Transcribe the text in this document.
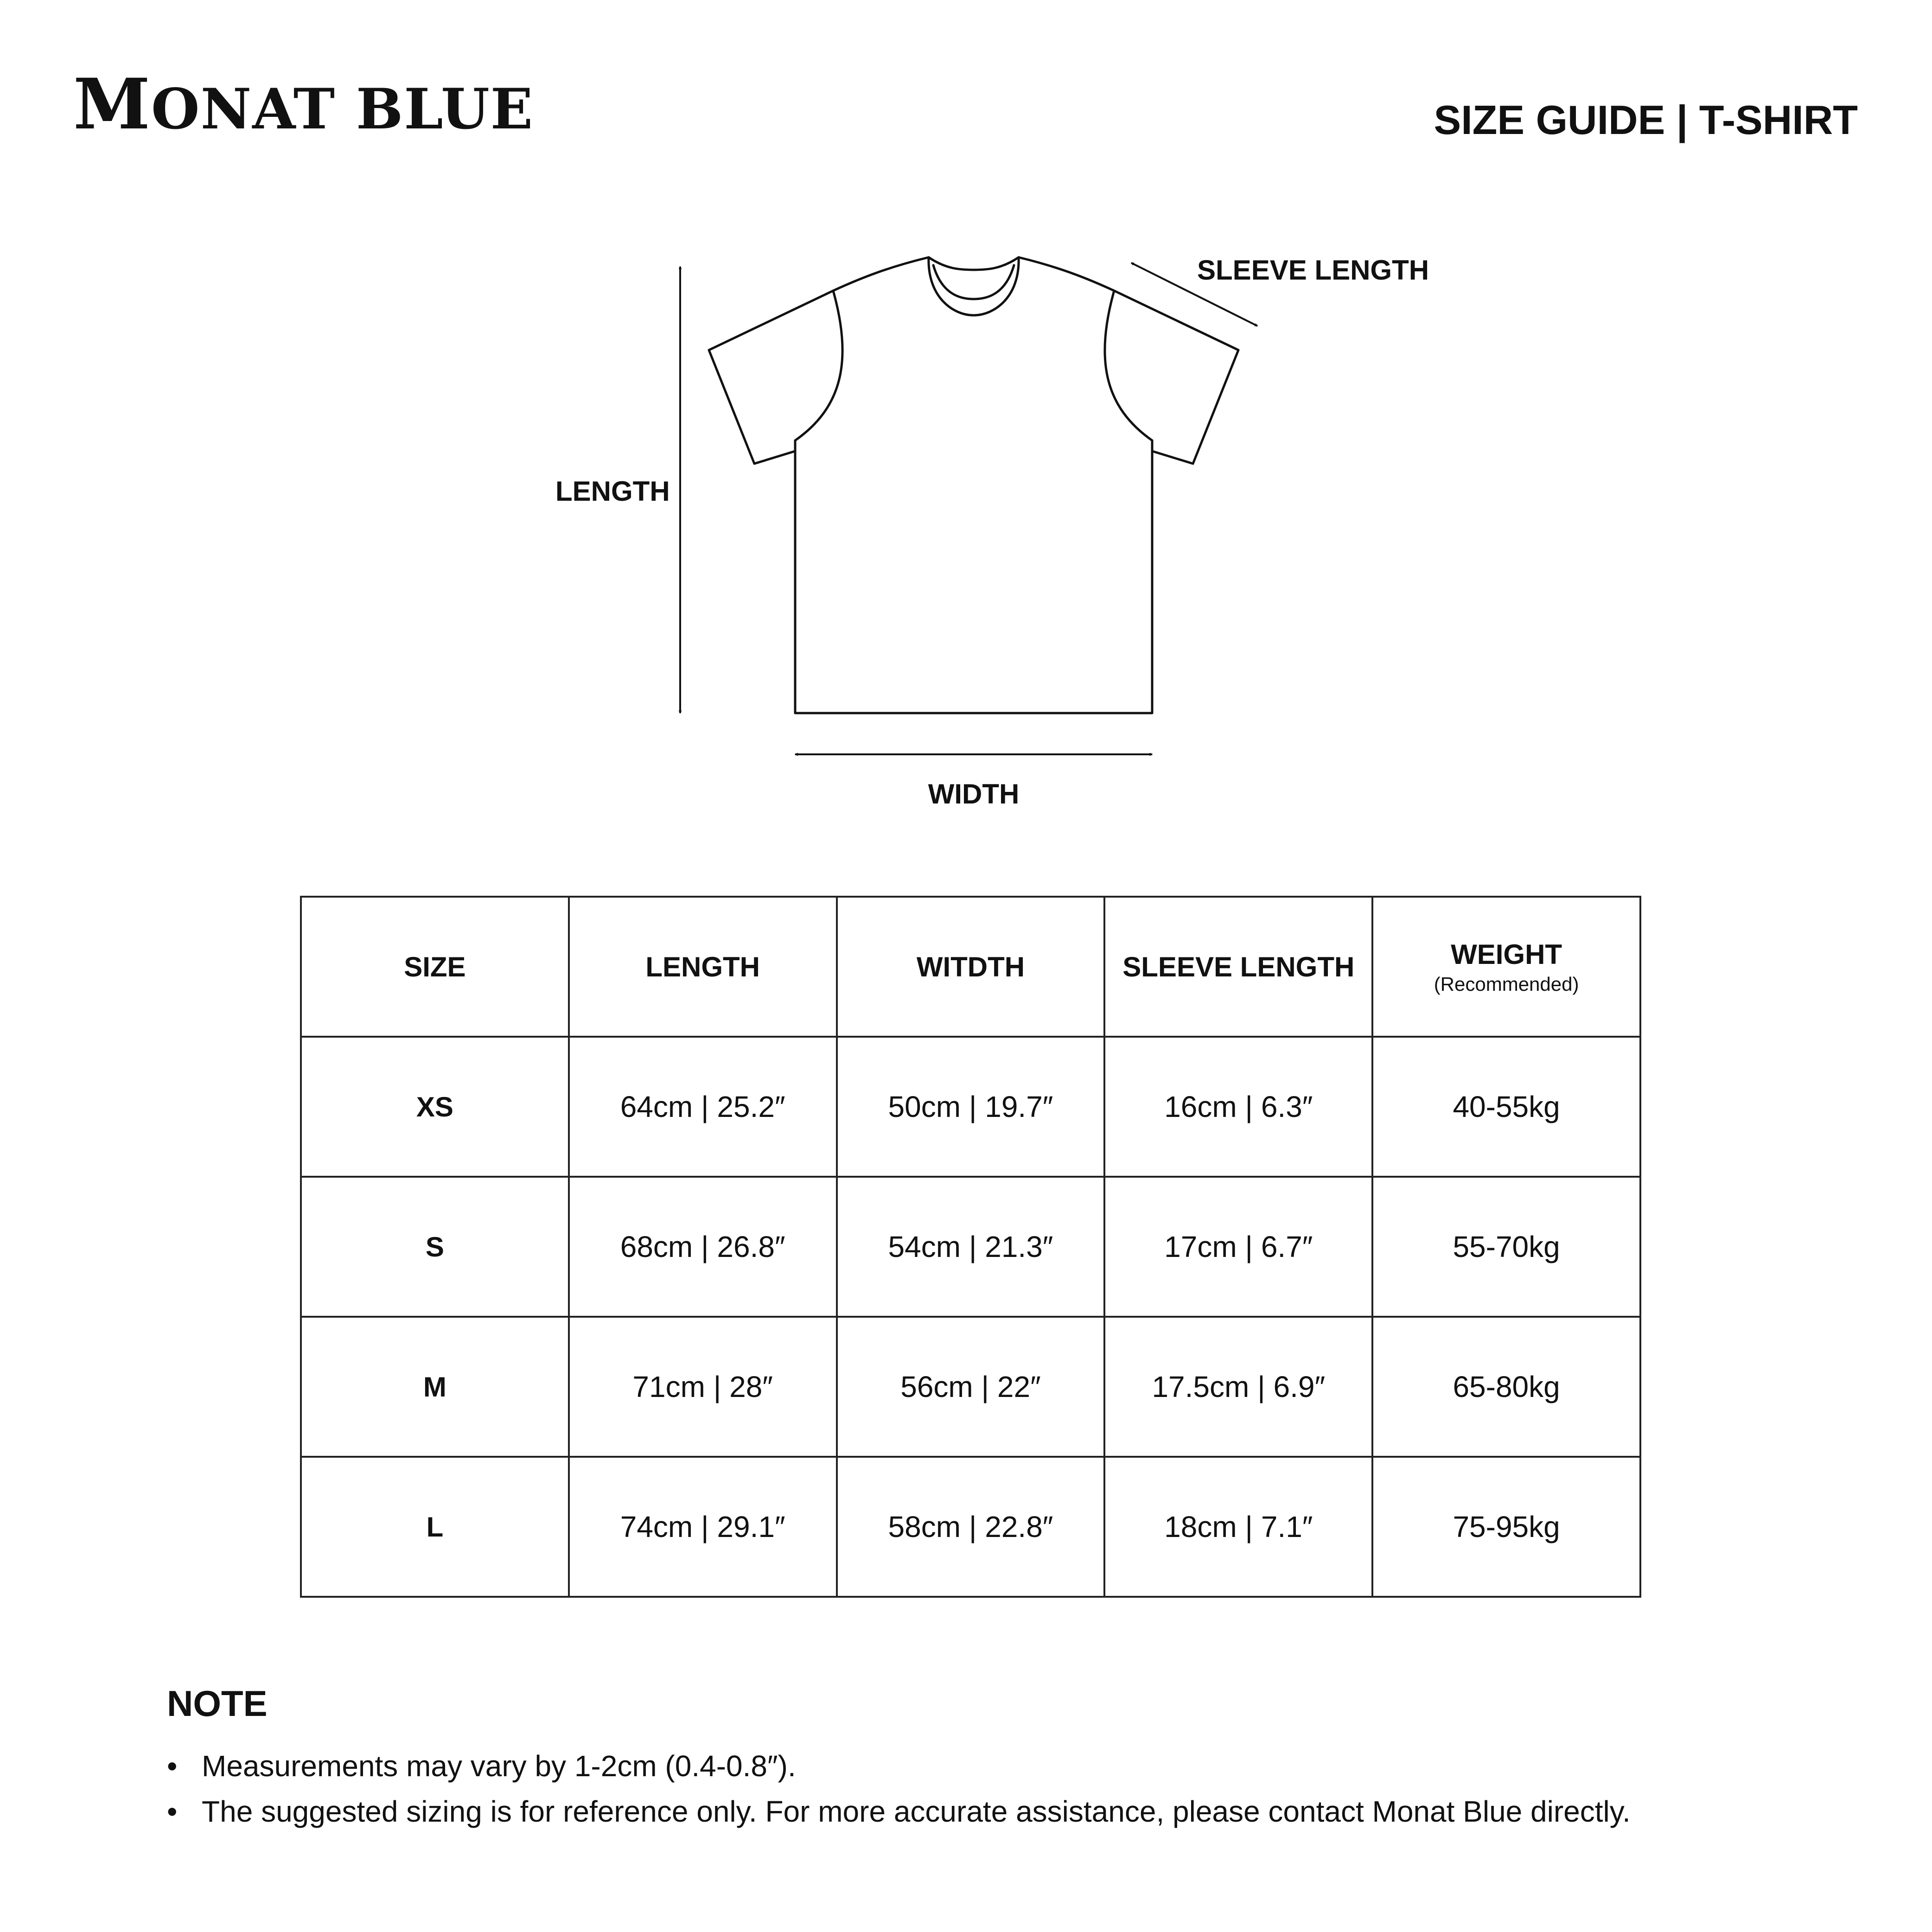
MONAT BLUE	SIZE GUIDE | T-SHIRT
LENGTH
WIDTH
SLEEVE LENGTH
SIZE	LENGTH	WITDTH	SLEEVE LENGTH	WEIGHT
(Recommended)

XS	64cm | 25.2″	50cm | 19.7″	16cm | 6.3″	40-55kg
S	68cm | 26.8″	54cm | 21.3″	17cm | 6.7″	55-70kg
M	71cm | 28″	56cm | 22″	17.5cm | 6.9″	65-80kg
L	74cm | 29.1″	58cm | 22.8″	18cm | 7.1″	75-95kg
NOTE
• Measurements may vary by 1-2cm (0.4-0.8″).
• The suggested sizing is for reference only. For more accurate assistance, please contact Monat Blue directly.
